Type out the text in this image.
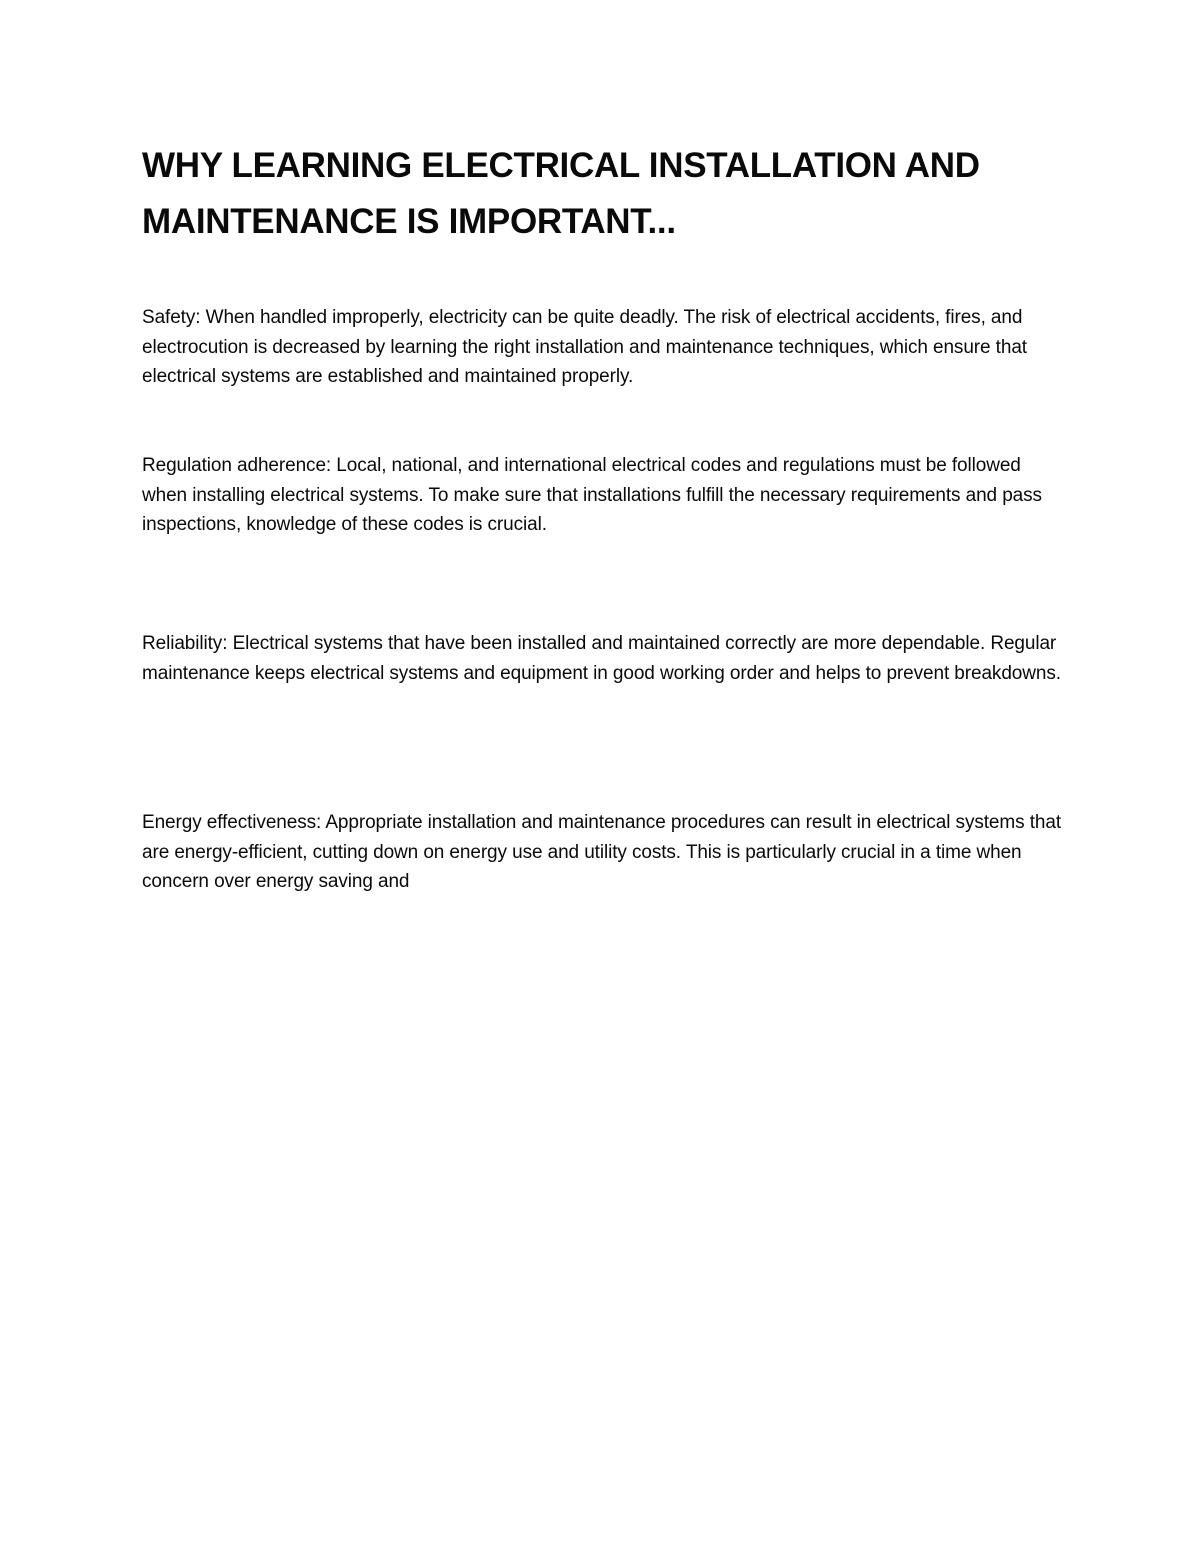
WHY LEARNING ELECTRICAL INSTALLATION AND MAINTENANCE IS IMPORTANT...

Safety: When handled improperly, electricity can be quite deadly. The risk of electrical accidents, fires, and electrocution is decreased by learning the right installation and maintenance techniques, which ensure that electrical systems are established and maintained properly.

Regulation adherence: Local, national, and international electrical codes and regulations must be followed when installing electrical systems. To make sure that installations fulfill the necessary requirements and pass inspections, knowledge of these codes is crucial.

Reliability: Electrical systems that have been installed and maintained correctly are more dependable. Regular maintenance keeps electrical systems and equipment in good working order and helps to prevent breakdowns.

Energy effectiveness: Appropriate installation and maintenance procedures can result in electrical systems that are energy-efficient, cutting down on energy use and utility costs. This is particularly crucial in a time when concern over energy saving and
